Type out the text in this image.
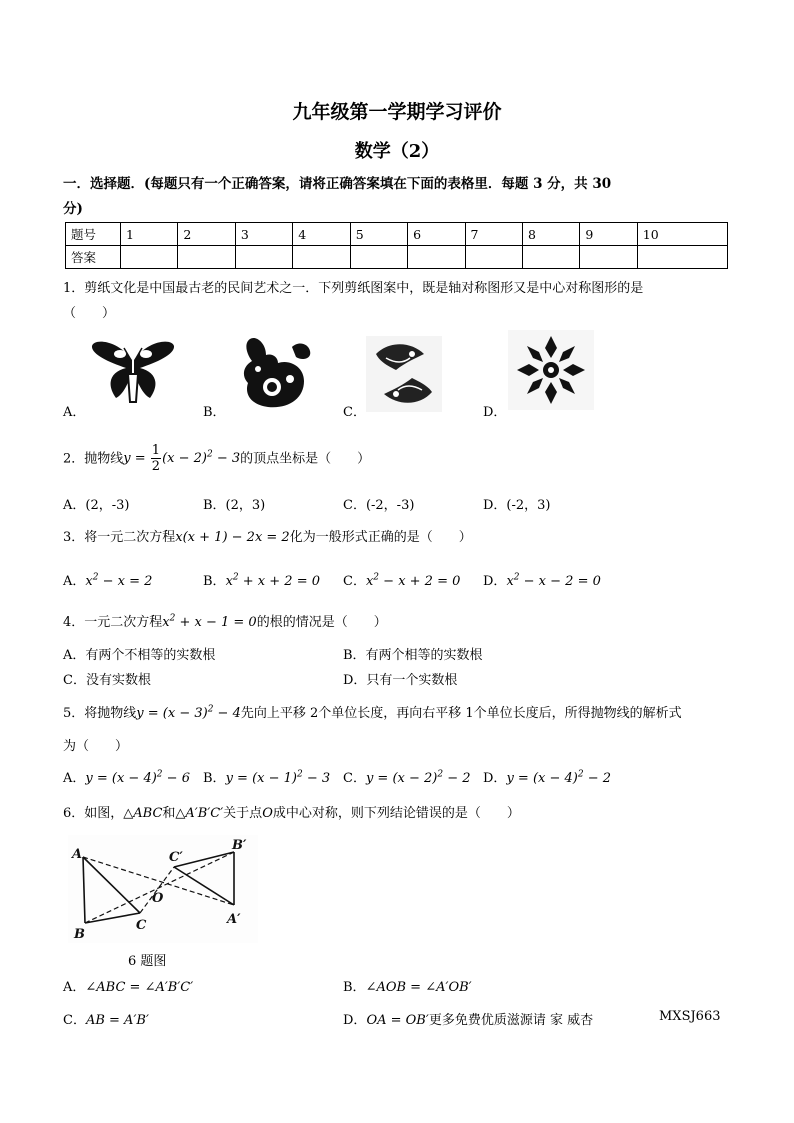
九年级第一学期学习评价
数学（2）
一．选择题．(每题只有一个正确答案，请将正确答案填在下面的表格里．每题 3 分，共 30
分)
题号	1	2	3	4	5	6	7	8	9	10
答案										
1．剪纸文化是中国最古老的民间艺术之一．下列剪纸图案中，既是轴对称图形又是中心对称图形的是
（　　）
A．	B．	C．	D．
2．抛物线$y = \frac{1}{2} (x - 2)^2 - 3$的顶点坐标是（　　）
A．(2，-3)	B．(2，3)	C．(-2，-3)	D．(-2，3)
3．将一元二次方程x(x + 1) − 2x = 2化为一般形式正确的是（　　）
A．$x^2 - x = 2$	B．$x^2 + x + 2 = 0$ C．$x^2 - x + 2 = 0$ D．$x^2 - x - 2 = 0$
4．一元二次方程$x^2 + x - 1 = 0$的根的情况是（　　）
A．有两个不相等的实数根	B．有两个相等的实数根
C．没有实数根	D．只有一个实数根
5．将抛物线$y = (x - 3)^2 - 4$先向上平移 2个单位长度，再向右平移 1个单位长度后，所得抛物线的解析式
为（　　）
A．$y = (x - 4)^2 - 6$ B．$y = (x - 1)^2 - 3$ C．$y = (x - 2)^2 - 2$ D．$y = (x - 4)^2 - 2$
6．如图，△ABC和△A′B′C′关于点O成中心对称，则下列结论错误的是（　　）
A
B
C
O
C′
B′
A′
6 题图
A．∠ABC = ∠A′B′C′	B．∠AOB = ∠A′OB′
C．AB = A′B′	D．OA = OB′更多免费优质滋源请 家 威杏	MXSJ663
